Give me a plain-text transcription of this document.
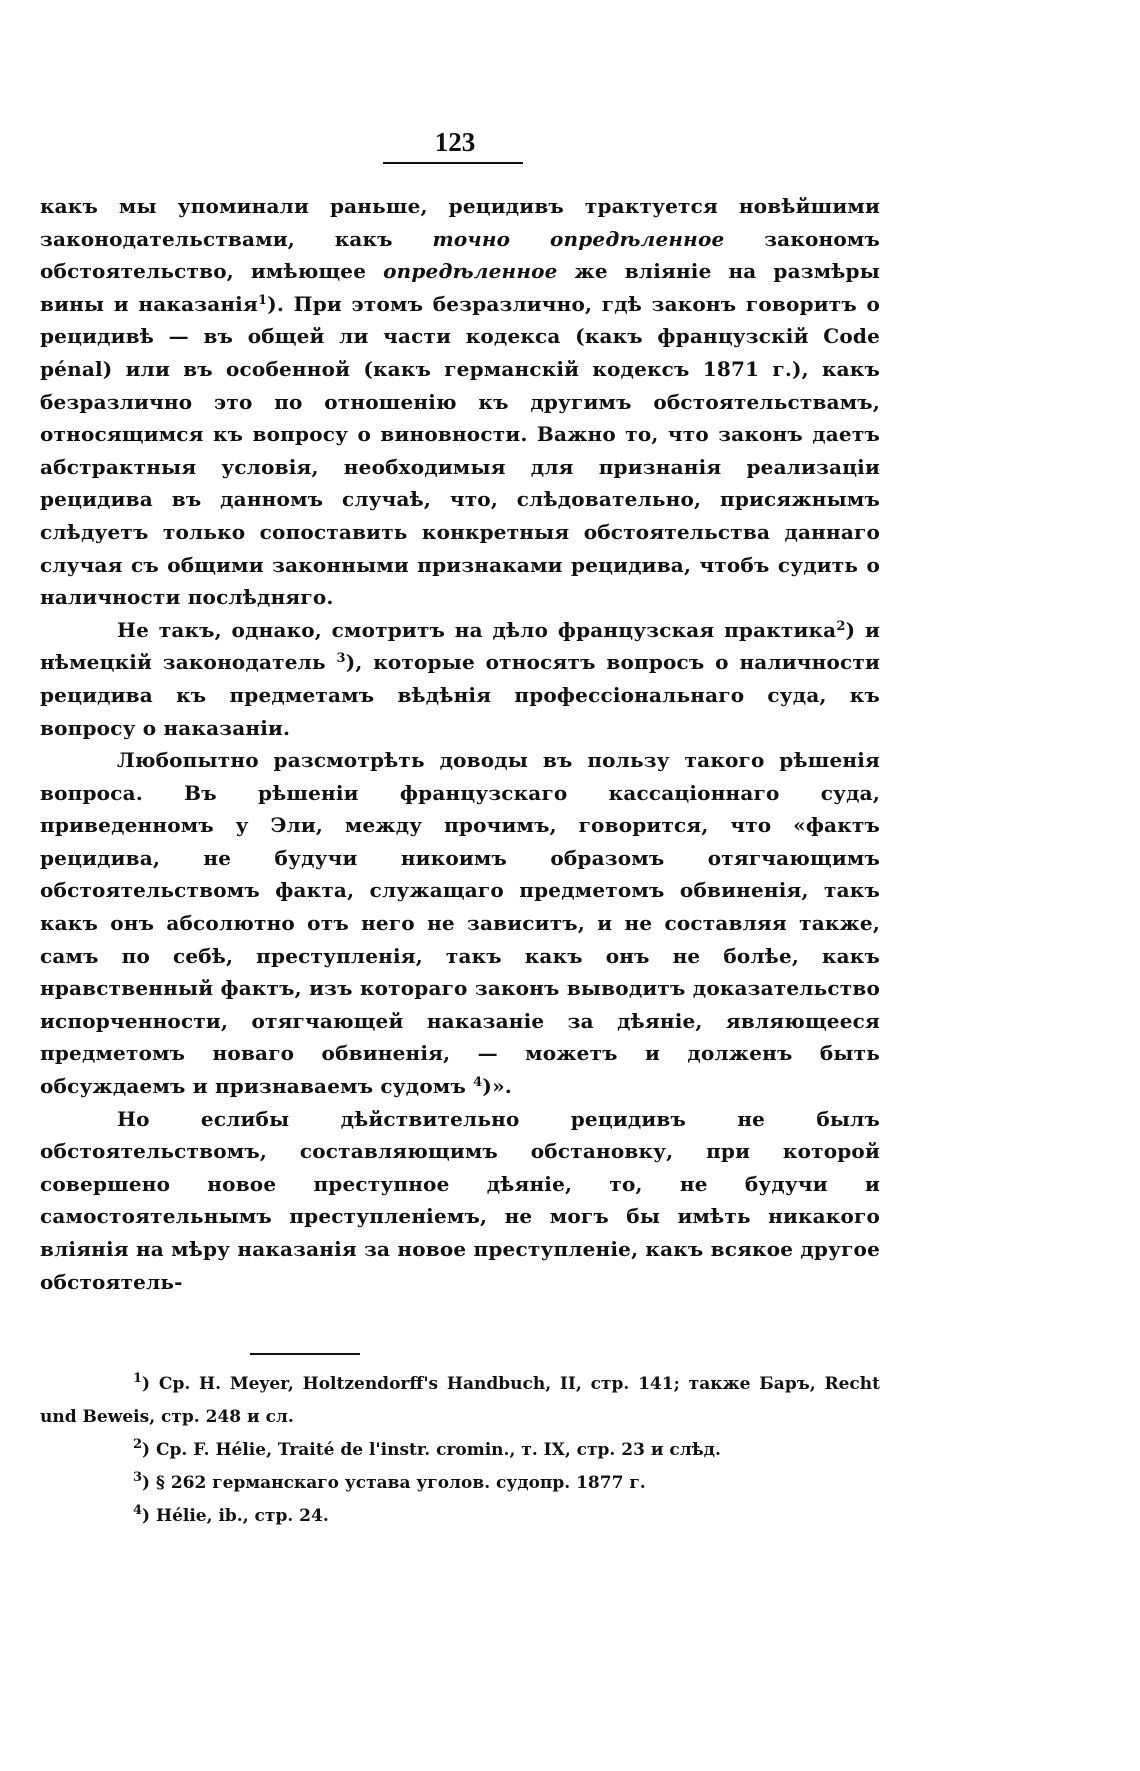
123

какъ мы упоминали раньше, рецидивъ трактуется новѣйшими законодательствами, какъ точно опредѣленное закономъ обстоятельство, имѣющее опредѣленное же вліяніе на размѣры вины и наказанія$^1$). При этомъ безразлично, гдѣ законъ говоритъ о рецидивѣ — въ общей ли части кодекса (какъ французскій Code pénal) или въ особенной (какъ германскій кодексъ 1871 г.), какъ безразлично это по отношенію къ другимъ обстоятельствамъ, относящимся къ вопросу о виновности. Важно то, что законъ даетъ абстрактныя условія, необходимыя для признанія реализаціи рецидива въ данномъ случаѣ, что, слѣдовательно, присяжнымъ слѣдуетъ только сопоставить конкретныя обстоятельства даннаго случая съ общими законными признаками рецидива, чтобъ судить о наличности послѣдняго.

Не такъ, однако, смотритъ на дѣло французская практика$^2$) и нѣмецкій законодатель $^3$), которые относятъ вопросъ о наличности рецидива къ предметамъ вѣдѣнія профессіональнаго суда, къ вопросу о наказаніи.

Любопытно разсмотрѣть доводы въ пользу такого рѣшенія вопроса. Въ рѣшеніи французскаго кассаціоннаго суда, приведенномъ у Эли, между прочимъ, говорится, что «фактъ рецидива, не будучи никоимъ образомъ отягчающимъ обстоятельствомъ факта, служащаго предметомъ обвиненія, такъ какъ онъ абсолютно отъ него не зависитъ, и не составляя также, самъ по себѣ, преступленія, такъ какъ онъ не болѣе, какъ нравственный фактъ, изъ котораго законъ выводитъ доказательство испорченности, отягчающей наказаніе за дѣяніе, являющееся предметомъ новаго обвиненія, — можетъ и долженъ быть обсуждаемъ и признаваемъ судомъ $^4$)».

Но еслибы дѣйствительно рецидивъ не былъ обстоятельствомъ, составляющимъ обстановку, при которой совершено новое преступное дѣяніе, то, не будучи и самостоятельнымъ преступленіемъ, не могъ бы имѣть никакого вліянія на мѣру наказанія за новое преступленіе, какъ всякое другое обстоятель-

$^1$) Ср. H. Meyer, Holtzendorff's Handbuch, II, стр. 141; также Баръ, Recht und Beweis, стр. 248 и сл.

$^2$) Ср. F. Hélie, Traité de l'instr. cromin., т. IX, стр. 23 и слѣд.

$^3$) § 262 германскаго устава уголов. судопр. 1877 г.

$^4$) Hélie, ib., стр. 24.
